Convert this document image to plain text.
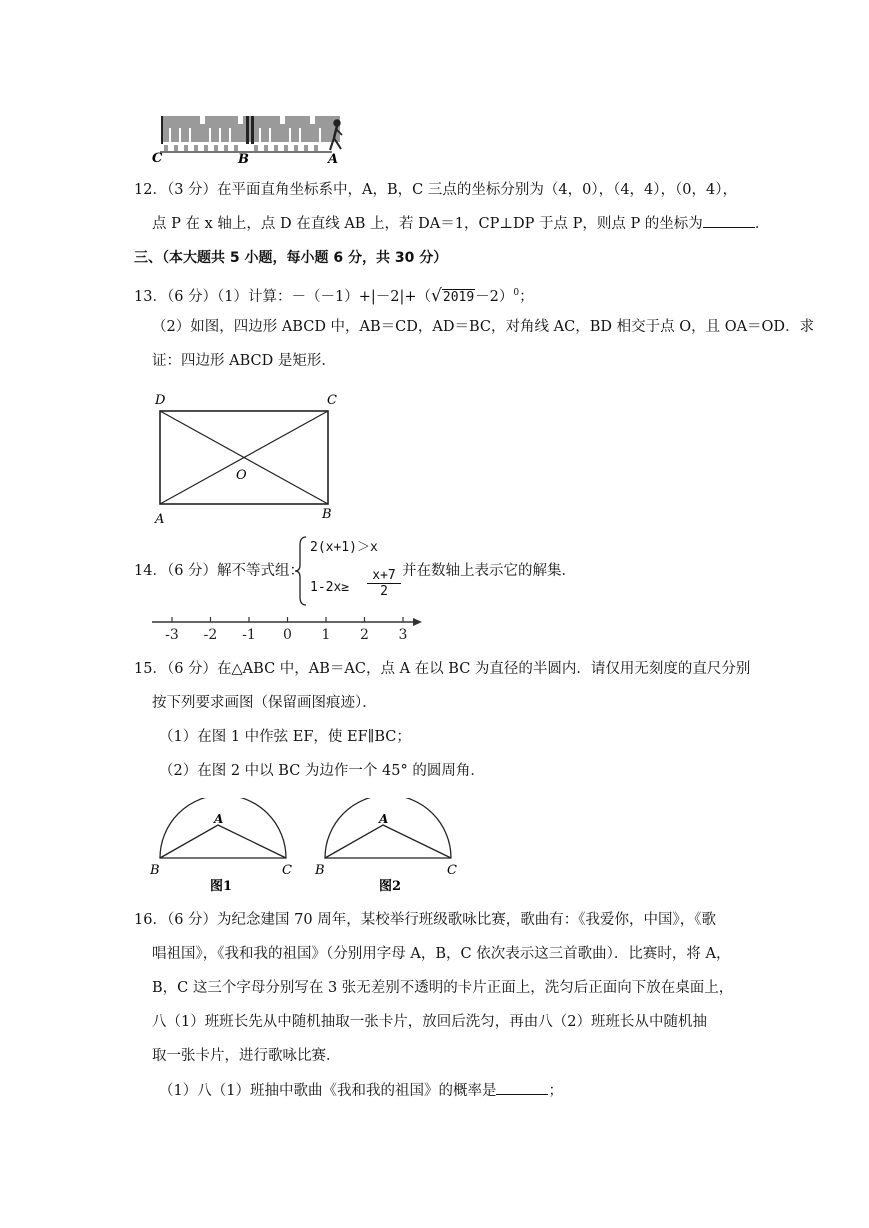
C	B	A
12．（3 分）在平面直角坐标系中，A，B，C 三点的坐标分别为（4，0），（4，4），（0，4），
点 P 在 x 轴上，点 D 在直线 AB 上，若 DA＝1，CP⊥DP 于点 P，则点 P 的坐标为	．
三、（本大题共 5 小题，每小题 6 分，共 30 分）
13．（6 分）（1）计算：$-(-1)+|-2|+(√2019-2)^0$；
（2）如图，四边形 ABCD 中，AB＝CD，AD＝BC，对角线 AC，BD 相交于点 O，且 OA＝OD．求
证：四边形 ABCD 是矩形．
D	C
O
A	B
14．（6 分）解不等式组：
2(x+1)＞x
$1-2x\ge \frac{x+7}{2}$ 并在数轴上表示它的解集．
-3 -2 -1 0 1 2 3
15．（6 分）在△ABC 中，AB＝AC，点 A 在以 BC 为直径的半圆内．请仅用无刻度的直尺分别
按下列要求画图（保留画图痕迹）．
（1）在图 1 中作弦 EF，使 EF∥BC；
（2）在图 2 中以 BC 为边作一个 45° 的圆周角．
A
B	C
图1
A
B	C
图2
16．（6 分）为纪念建国 70 周年，某校举行班级歌咏比赛，歌曲有：《我爱你，中国》，《歌
唱祖国》，《我和我的祖国》（分别用字母 A，B，C 依次表示这三首歌曲）．比赛时，将 A，
B，C 这三个字母分别写在 3 张无差别不透明的卡片正面上，洗匀后正面向下放在桌面上，
八（1）班班长先从中随机抽取一张卡片，放回后洗匀，再由八（2）班班长从中随机抽
取一张卡片，进行歌咏比赛．
（1）八（1）班抽中歌曲《我和我的祖国》的概率是	；
